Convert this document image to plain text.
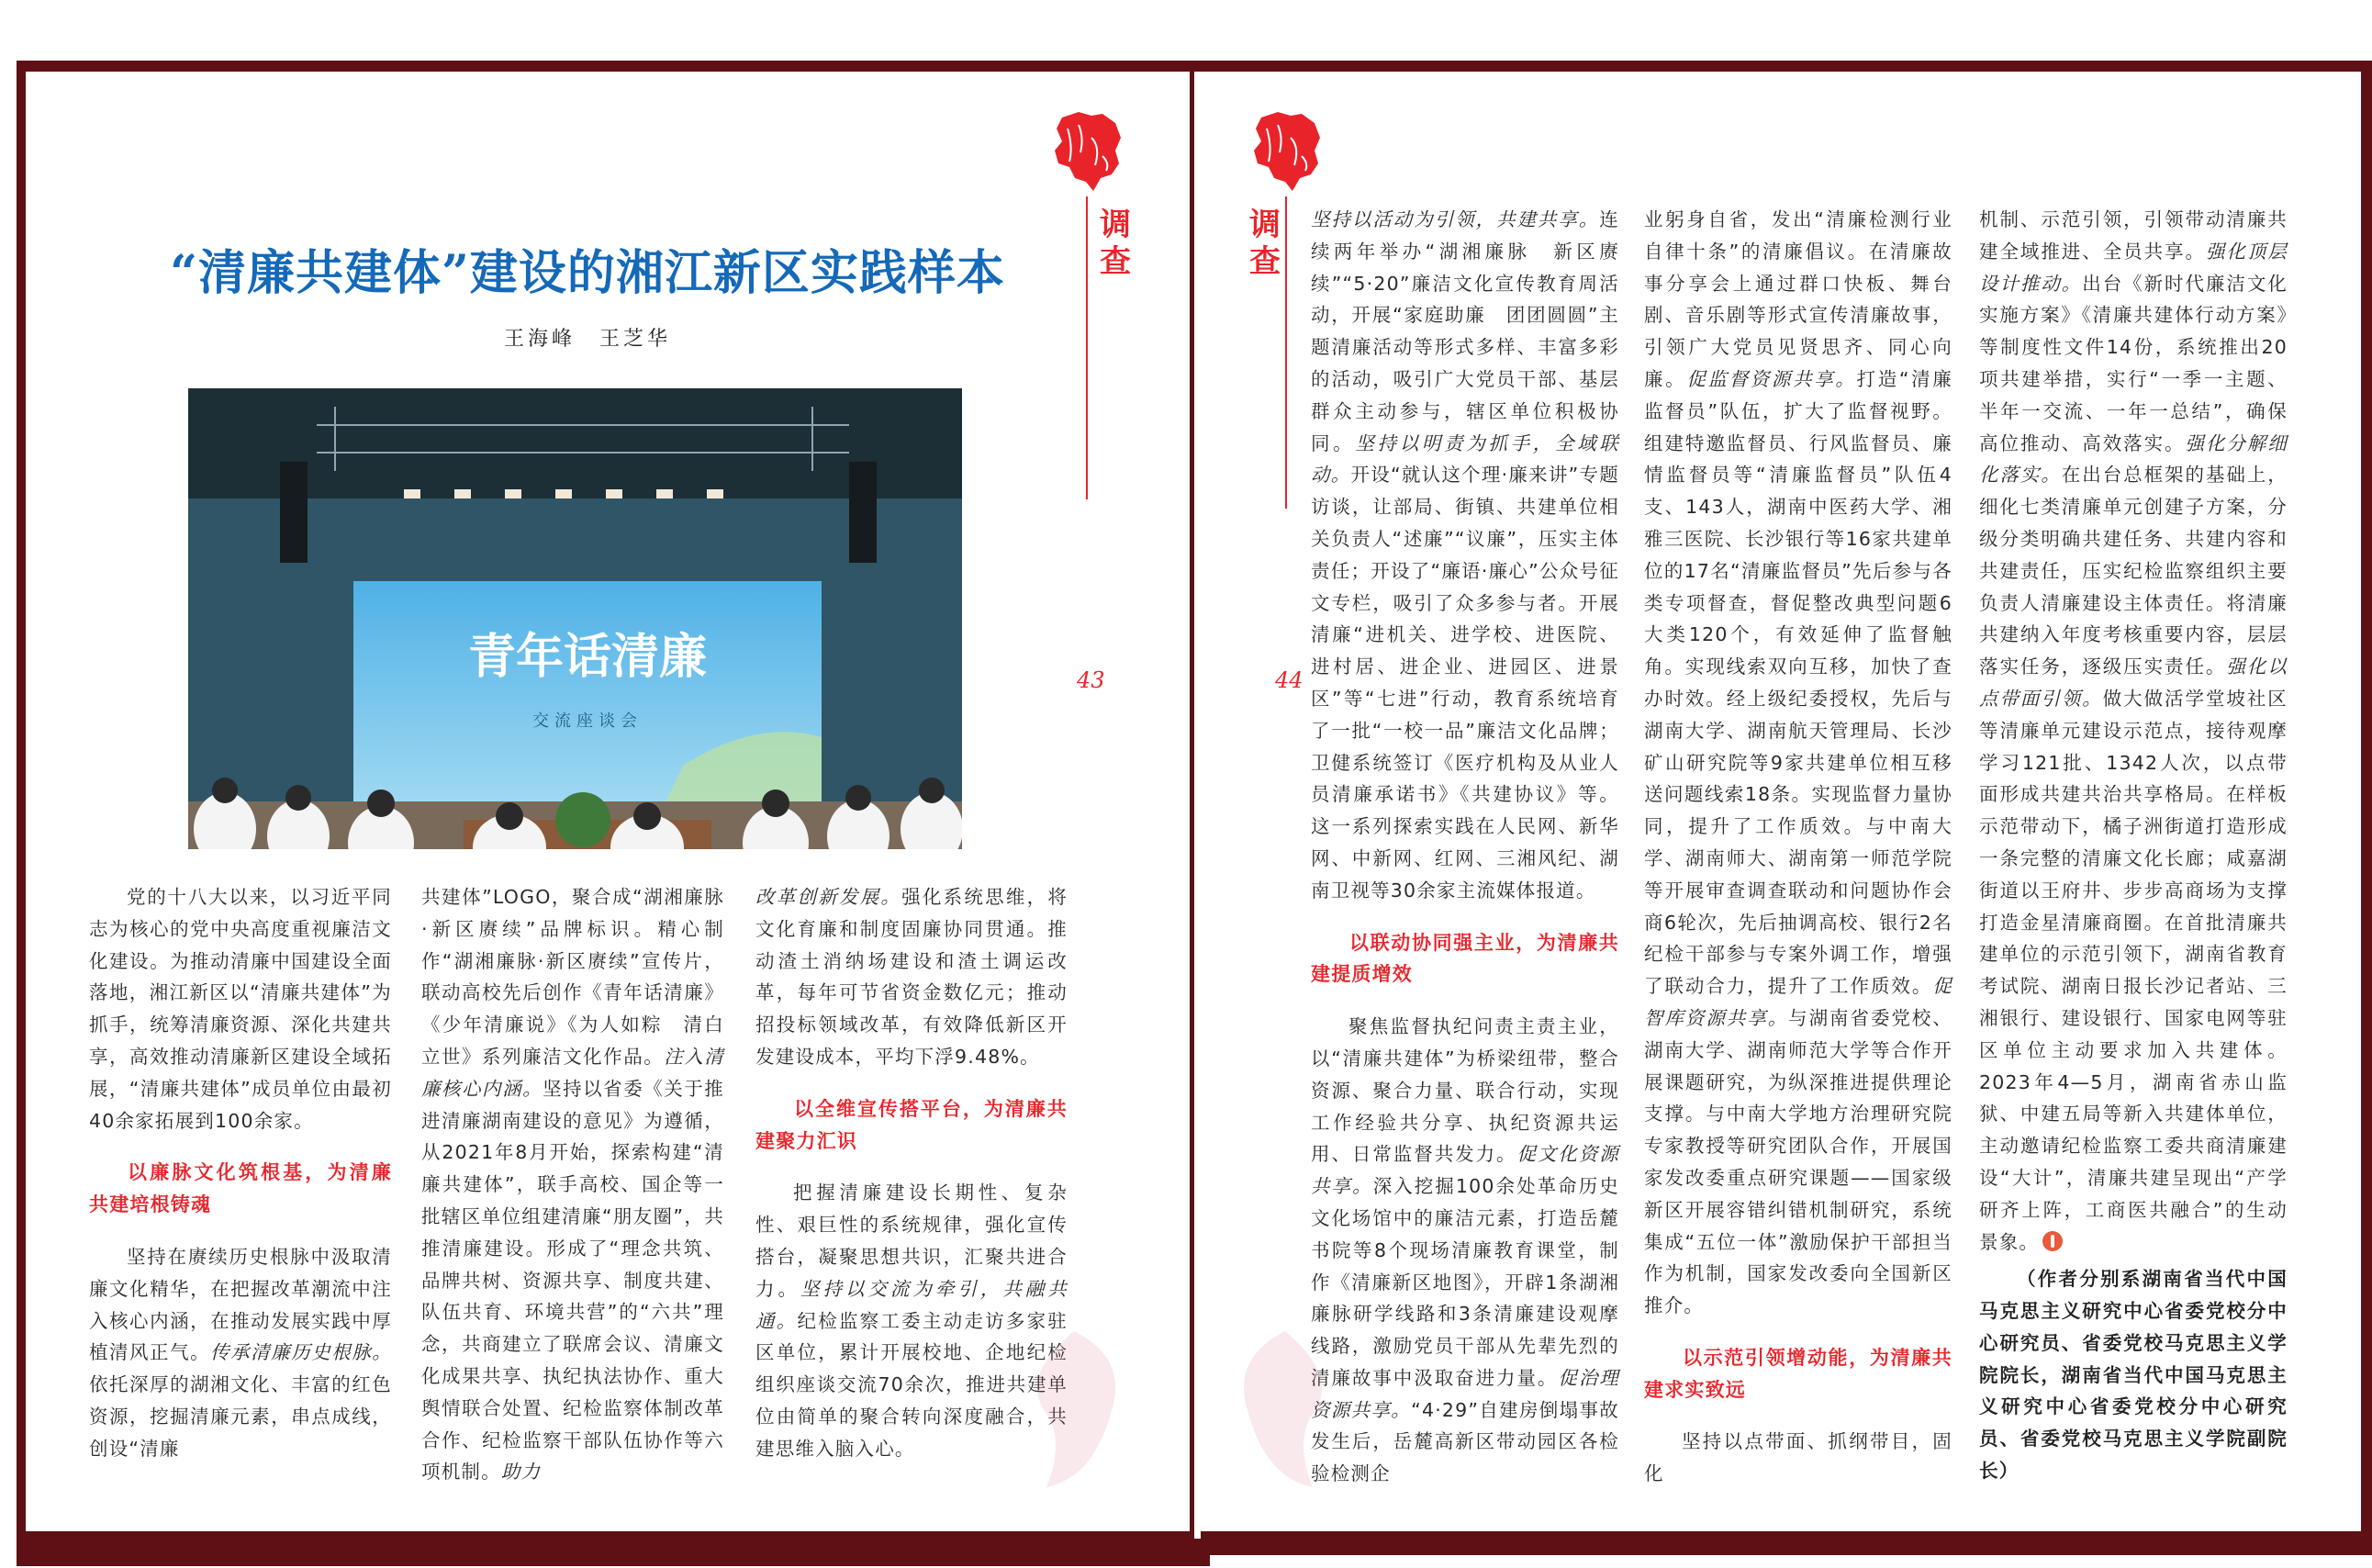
调
查
43
“清廉共建体”建设的湘江新区实践样本
王海峰　王芝华
青年话清廉
交流座谈会

党的十八大以来，以习近平同志为核心的党中央高度重视廉洁文化建设。为推动清廉中国建设全面落地，湘江新区以“清廉共建体”为抓手，统筹清廉资源、深化共建共享，高效推动清廉新区建设全域拓展，“清廉共建体”成员单位由最初40余家拓展到100余家。

以廉脉文化筑根基，为清廉共建培根铸魂

坚持在赓续历史根脉中汲取清廉文化精华，在把握改革潮流中注入核心内涵，在推动发展实践中厚植清风正气。传承清廉历史根脉。依托深厚的湖湘文化、丰富的红色资源，挖掘清廉元素，串点成线，创设“清廉

共建体”LOGO，聚合成“湖湘廉脉·新区赓续”品牌标识。精心制作“湖湘廉脉·新区赓续”宣传片，联动高校先后创作《青年话清廉》《少年清廉说》《为人如粽　清白立世》系列廉洁文化作品。注入清廉核心内涵。坚持以省委《关于推进清廉湖南建设的意见》为遵循，从2021年8月开始，探索构建“清廉共建体”，联手高校、国企等一批辖区单位组建清廉“朋友圈”，共推清廉建设。形成了“理念共筑、品牌共树、资源共享、制度共建、队伍共育、环境共营”的“六共”理念，共商建立了联席会议、清廉文化成果共享、执纪执法协作、重大舆情联合处置、纪检监察体制改革合作、纪检监察干部队伍协作等六项机制。助力

改革创新发展。强化系统思维，将文化育廉和制度固廉协同贯通。推动渣土消纳场建设和渣土调运改革，每年可节省资金数亿元；推动招投标领域改革，有效降低新区开发建设成本，平均下浮9.48%。

以全维宣传搭平台，为清廉共建聚力汇识

把握清廉建设长期性、复杂性、艰巨性的系统规律，强化宣传搭台，凝聚思想共识，汇聚共进合力。坚持以交流为牵引，共融共通。纪检监察工委主动走访多家驻区单位，累计开展校地、企地纪检组织座谈交流70余次，推进共建单位由简单的聚合转向深度融合，共建思维入脑入心。

调
查
44

坚持以活动为引领，共建共享。连续两年举办“湖湘廉脉　新区赓续”“5·20”廉洁文化宣传教育周活动，开展“家庭助廉　团团圆圆”主题清廉活动等形式多样、丰富多彩的活动，吸引广大党员干部、基层群众主动参与，辖区单位积极协同。坚持以明责为抓手，全域联动。开设“就认这个理·廉来讲”专题访谈，让部局、街镇、共建单位相关负责人“述廉”“议廉”，压实主体责任；开设了“廉语·廉心”公众号征文专栏，吸引了众多参与者。开展清廉“进机关、进学校、进医院、进村居、进企业、进园区、进景区”等“七进”行动，教育系统培育了一批“一校一品”廉洁文化品牌；卫健系统签订《医疗机构及从业人员清廉承诺书》《共建协议》等。这一系列探索实践在人民网、新华网、中新网、红网、三湘风纪、湖南卫视等30余家主流媒体报道。

以联动协同强主业，为清廉共建提质增效

聚焦监督执纪问责主责主业，以“清廉共建体”为桥梁纽带，整合资源、聚合力量、联合行动，实现工作经验共分享、执纪资源共运用、日常监督共发力。促文化资源共享。深入挖掘100余处革命历史文化场馆中的廉洁元素，打造岳麓书院等8个现场清廉教育课堂，制作《清廉新区地图》，开辟1条湖湘廉脉研学线路和3条清廉建设观摩线路，激励党员干部从先辈先烈的清廉故事中汲取奋进力量。促治理资源共享。“4·29”自建房倒塌事故发生后，岳麓高新区带动园区各检验检测企

业躬身自省，发出“清廉检测行业自律十条”的清廉倡议。在清廉故事分享会上通过群口快板、舞台剧、音乐剧等形式宣传清廉故事，引领广大党员见贤思齐、同心向廉。促监督资源共享。打造“清廉监督员”队伍，扩大了监督视野。组建特邀监督员、行风监督员、廉情监督员等“清廉监督员”队伍4支、143人，湖南中医药大学、湘雅三医院、长沙银行等16家共建单位的17名“清廉监督员”先后参与各类专项督查，督促整改典型问题6大类120个，有效延伸了监督触角。实现线索双向互移，加快了查办时效。经上级纪委授权，先后与湖南大学、湖南航天管理局、长沙矿山研究院等9家共建单位相互移送问题线索18条。实现监督力量协同，提升了工作质效。与中南大学、湖南师大、湖南第一师范学院等开展审查调查联动和问题协作会商6轮次，先后抽调高校、银行2名纪检干部参与专案外调工作，增强了联动合力，提升了工作质效。促智库资源共享。与湖南省委党校、湖南大学、湖南师范大学等合作开展课题研究，为纵深推进提供理论支撑。与中南大学地方治理研究院专家教授等研究团队合作，开展国家发改委重点研究课题——国家级新区开展容错纠错机制研究，系统集成“五位一体”激励保护干部担当作为机制，国家发改委向全国新区推介。

以示范引领增动能，为清廉共建求实致远

坚持以点带面、抓纲带目，固化

机制、示范引领，引领带动清廉共建全域推进、全员共享。强化顶层设计推动。出台《新时代廉洁文化实施方案》《清廉共建体行动方案》等制度性文件14份，系统推出20项共建举措，实行“一季一主题、半年一交流、一年一总结”，确保高位推动、高效落实。强化分解细化落实。在出台总框架的基础上，细化七类清廉单元创建子方案，分级分类明确共建任务、共建内容和共建责任，压实纪检监察组织主要负责人清廉建设主体责任。将清廉共建纳入年度考核重要内容，层层落实任务，逐级压实责任。强化以点带面引领。做大做活学堂坡社区等清廉单元建设示范点，接待观摩学习121批、1342人次，以点带面形成共建共治共享格局。在样板示范带动下，橘子洲街道打造形成一条完整的清廉文化长廊；咸嘉湖街道以王府井、步步高商场为支撑打造金星清廉商圈。在首批清廉共建单位的示范引领下，湖南省教育考试院、湖南日报长沙记者站、三湘银行、建设银行、国家电网等驻区单位主动要求加入共建体。2023年4—5月，湖南省赤山监狱、中建五局等新入共建体单位，主动邀请纪检监察工委共商清廉建设“大计”，清廉共建呈现出“产学研齐上阵，工商医共融合”的生动景象。

（作者分别系湖南省当代中国马克思主义研究中心省委党校分中心研究员、省委党校马克思主义学院院长，湖南省当代中国马克思主义研究中心省委党校分中心研究员、省委党校马克思主义学院副院长）
